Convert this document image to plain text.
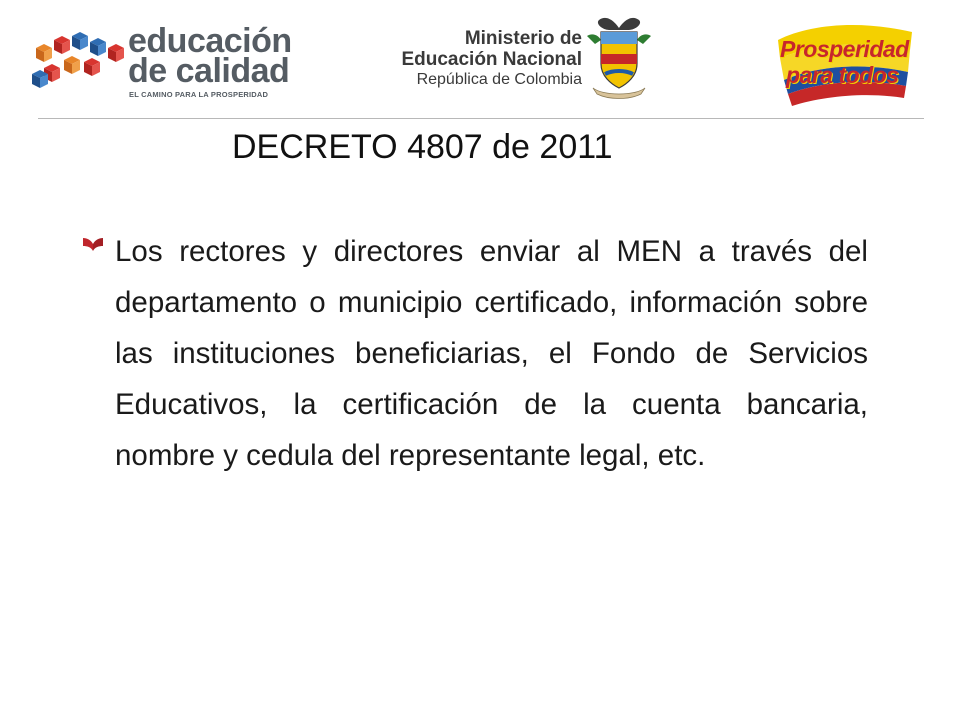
educación
de calidad
EL CAMINO PARA LA PROSPERIDAD
Ministerio de
Educación Nacional
República de Colombia
Prosperidad
para todos
DECRETO 4807 de 2011
Los rectores y directores enviar al MEN a través del departamento o municipio certificado, información sobre las instituciones beneficiarias, el Fondo de Servicios Educativos, la certificación de la cuenta bancaria, nombre y cedula del representante legal, etc.
